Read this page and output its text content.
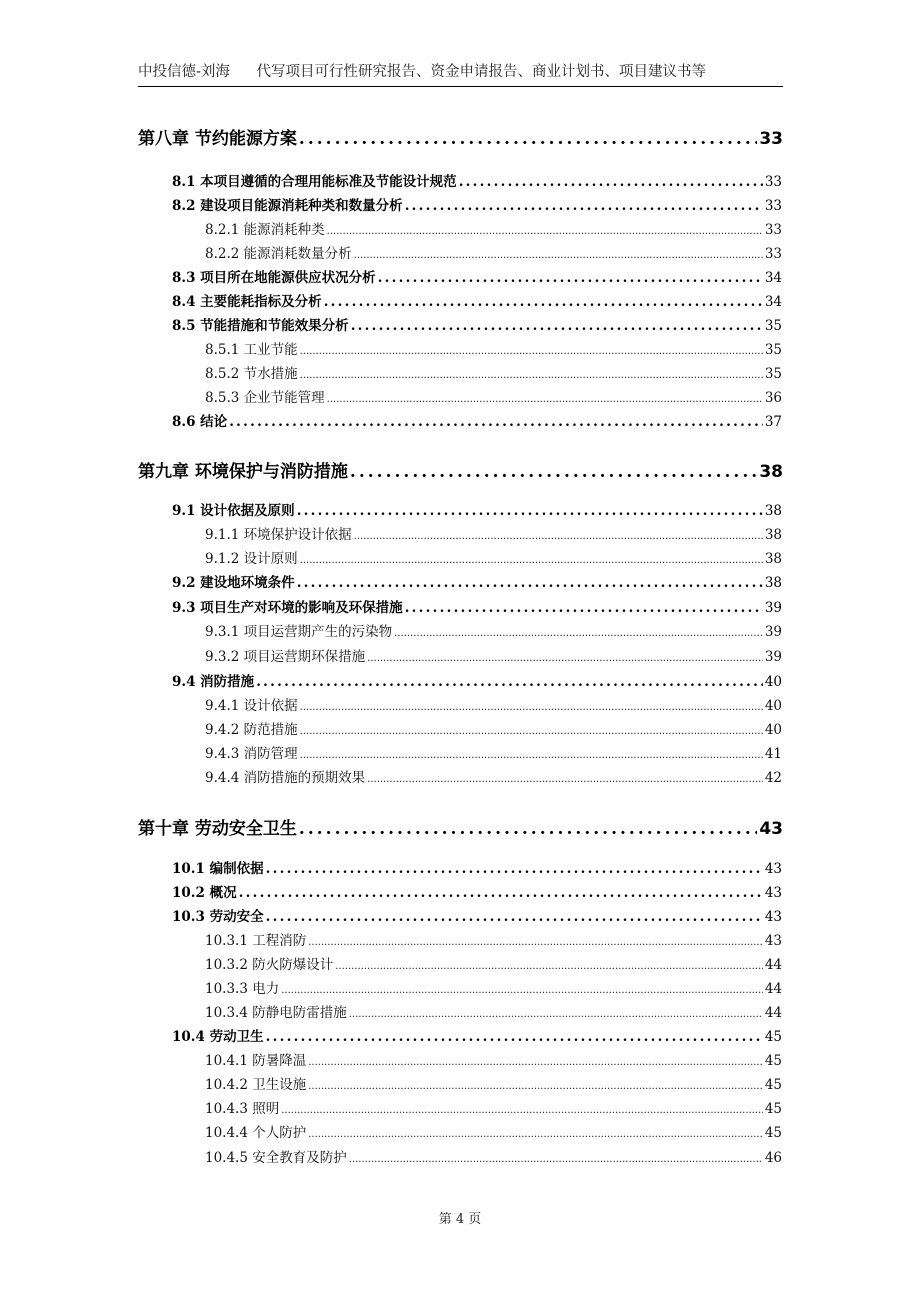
中投信德-刘海 代写项目可行性研究报告、资金申请报告、商业计划书、项目建议书等
第八章 节约能源方案 .....	33
8.1 本项目遵循的合理用能标准及节能设计规范 .....	33
8.2 建设项目能源消耗种类和数量分析 .....	33
8.2.1 能源消耗种类 .....	33
8.2.2 能源消耗数量分析 .....	33
8.3 项目所在地能源供应状况分析 .....	34
8.4 主要能耗指标及分析 .....	34
8.5 节能措施和节能效果分析 .....	35
8.5.1 工业节能 .....	35
8.5.2 节水措施 .....	35
8.5.3 企业节能管理 .....	36
8.6 结论 .....	37
第九章 环境保护与消防措施 .....	38
9.1 设计依据及原则 .....	38
9.1.1 环境保护设计依据 .....	38
9.1.2 设计原则 .....	38
9.2 建设地环境条件 .....	38
9.3 项目生产对环境的影响及环保措施 .....	39
9.3.1 项目运营期产生的污染物 .....	39
9.3.2 项目运营期环保措施 .....	39
9.4 消防措施 .....	40
9.4.1 设计依据 .....	40
9.4.2 防范措施 .....	40
9.4.3 消防管理 .....	41
9.4.4 消防措施的预期效果 .....	42
第十章 劳动安全卫生 .....	43
10.1 编制依据 .....	43
10.2 概况 .....	43
10.3 劳动安全 .....	43
10.3.1 工程消防 .....	43
10.3.2 防火防爆设计 .....	44
10.3.3 电力 .....	44
10.3.4 防静电防雷措施 .....	44
10.4 劳动卫生 .....	45
10.4.1 防暑降温 .....	45
10.4.2 卫生设施 .....	45
10.4.3 照明 .....	45
10.4.4 个人防护 .....	45
10.4.5 安全教育及防护 .....	46
第 4 页
